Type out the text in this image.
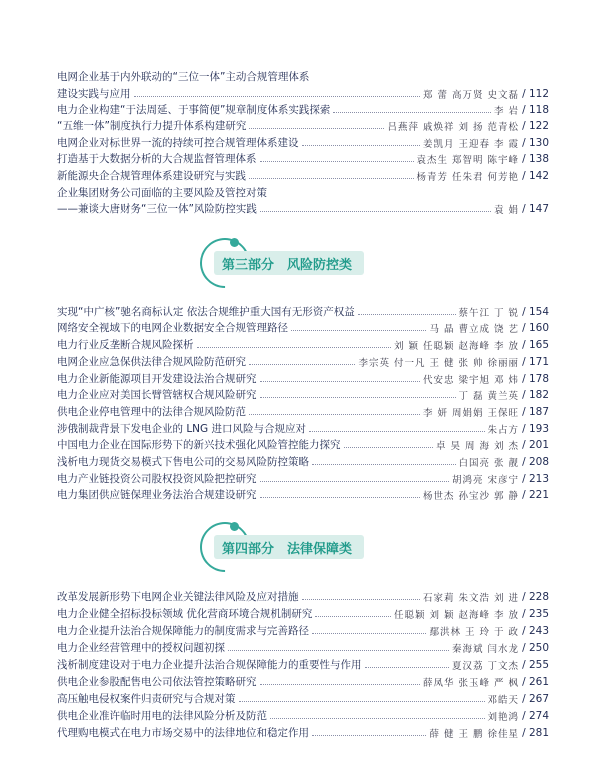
电网企业基于内外联动的“三位一体”主动合规管理体系
建设实践与应用	郑 蕾 高万贤 史文磊 / 112
电力企业构建“于法周延、于事简便”规章制度体系实践探索	李 岩 / 118
“五维一体”制度执行力提升体系构建研究	吕燕萍 戚焕祥 刘 扬 范青松 / 122
电网企业对标世界一流的持续可控合规管理体系建设	姜凯月 王迎春 李 霞 / 130
打造基于大数据分析的大合规监督管理体系	袁杰生 郑智明 陈宇峰 / 138
新能源央企合规管理体系建设研究与实践	杨青芳 任朱君 何芳艳 / 142
企业集团财务公司面临的主要风险及管控对策
——兼谈大唐财务“三位一体”风险防控实践	袁 娟 / 147
第三部分　风险防控类
实现“中广核”驰名商标认定 依法合规维护重大国有无形资产权益	蔡午江 丁 锐 / 154
网络安全视域下的电网企业数据安全合规管理路径	马 晶 曹立成 饶 艺 / 160
电力行业反垄断合规风险探析	刘 颖 任聪颖 赵海峰 李 放 / 165
电网企业应急保供法律合规风险防范研究	李宗英 付一凡 王 健 张 帅 徐丽丽 / 171
电力企业新能源项目开发建设法治合规研究	代安忠 梁宇旭 邓 炜 / 178
电力企业应对美国长臂管辖权合规风险研究	丁 磊 黄兰英 / 182
供电企业停电管理中的法律合规风险防范	李 妍 周娟娟 王保旺 / 187
涉俄制裁背景下发电企业的 LNG 进口风险与合规应对	朱占方 / 193
中国电力企业在国际形势下的新兴技术强化风险管控能力探究	卓 昊 周 海 刘 杰 / 201
浅析电力现货交易模式下售电公司的交易风险防控策略	白国亮 张 靓 / 208
电力产业链投资公司股权投资风险把控研究	胡鸿亮 宋彦宁 / 213
电力集团供应链保理业务法治合规建设研究	杨世杰 孙宝沙 郭 静 / 221
第四部分　法律保障类
改革发展新形势下电网企业关键法律风险及应对措施	石家莉 朱文浩 刘 进 / 228
电力企业健全招标投标领域 优化营商环境合规机制研究	任聪颖 刘 颖 赵海峰 李 放 / 235
电力企业提升法治合规保障能力的制度需求与完善路径	鄢洪林 王 玲 于 政 / 243
电力企业经营管理中的授权问题初探	秦海斌 闫水龙 / 250
浅析制度建设对于电力企业提升法治合规保障能力的重要性与作用	夏汉荔 丁文杰 / 255
供电企业参股配售电公司依法管控策略研究	薛凤华 张玉峰 严 枫 / 261
高压触电侵权案件归责研究与合规对策	邓皓天 / 267
供电企业准许临时用电的法律风险分析及防范	刘艳鸿 / 274
代理购电模式在电力市场交易中的法律地位和稳定作用	薛 健 王 鹏 徐佳星 / 281
